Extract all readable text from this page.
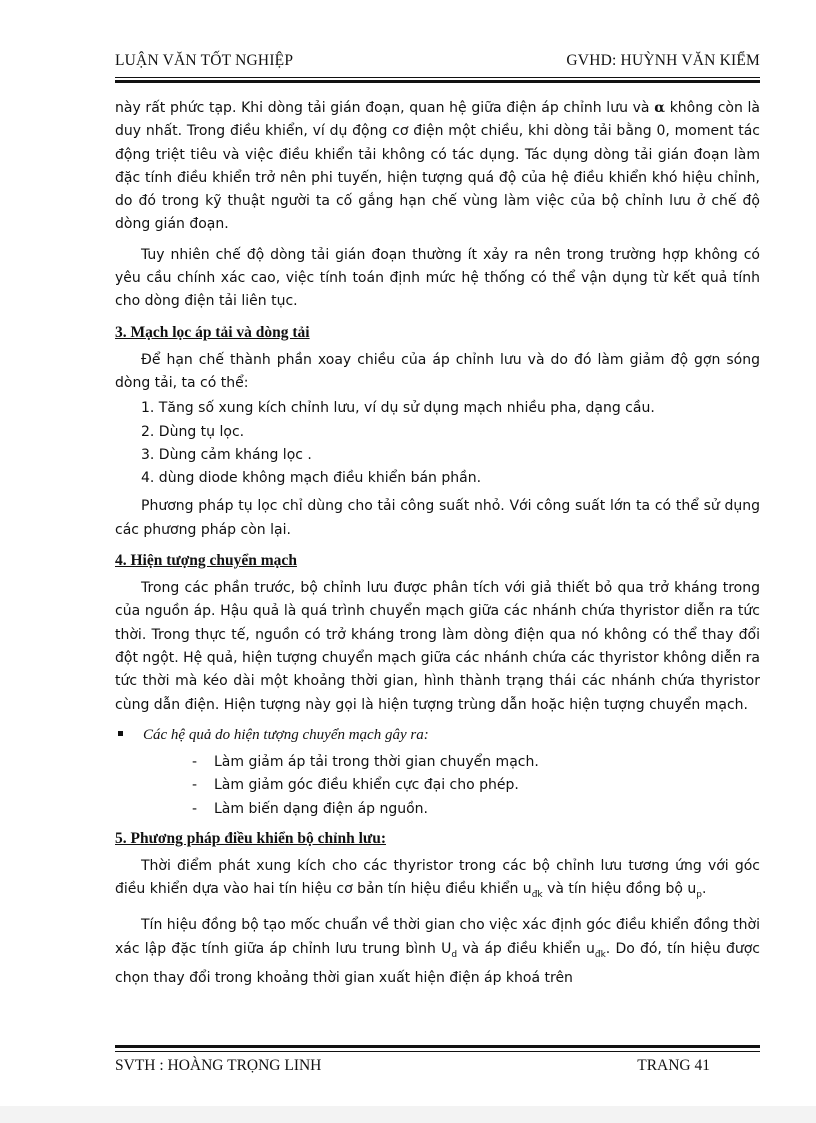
LUẬN VĂN TỐT NGHIỆP	GVHD: HUỲNH VĂN KIỂM

này rất phức tạp. Khi dòng tải gián đoạn, quan hệ giữa điện áp chỉnh lưu và α không còn là duy nhất. Trong điều khiển, ví dụ động cơ điện một chiều, khi dòng tải bằng 0, moment tác động triệt tiêu và việc điều khiển tải không có tác dụng. Tác dụng dòng tải gián đoạn làm đặc tính điều khiển trở nên phi tuyến, hiện tượng quá độ của hệ điều khiển khó hiệu chỉnh, do đó trong kỹ thuật người ta cố gắng hạn chế vùng làm việc của bộ chỉnh lưu ở chế độ dòng gián đoạn.

Tuy nhiên chế độ dòng tải gián đoạn thường ít xảy ra nên trong trường hợp không có yêu cầu chính xác cao, việc tính toán định mức hệ thống có thể vận dụng từ kết quả tính cho dòng điện tải liên tục.

3. Mạch lọc áp tải và dòng tải

Để hạn chế thành phần xoay chiều của áp chỉnh lưu và do đó làm giảm độ gợn sóng dòng tải, ta có thể:

1. Tăng số xung kích chỉnh lưu, ví dụ sử dụng mạch nhiều pha, dạng cầu.
2. Dùng tụ lọc.
3. Dùng cảm kháng lọc .
4. dùng diode không mạch điều khiển bán phần.

Phương pháp tụ lọc chỉ dùng cho tải công suất nhỏ. Với công suất lớn ta có thể sử dụng các phương pháp còn lại.

4. Hiện tượng chuyển mạch

Trong các phần trước, bộ chỉnh lưu được phân tích với giả thiết bỏ qua trở kháng trong của nguồn áp. Hậu quả là quá trình chuyển mạch giữa các nhánh chứa thyristor diễn ra tức thời. Trong thực tế, nguồn có trở kháng trong làm dòng điện qua nó không có thể thay đổi đột ngột. Hệ quả, hiện tượng chuyển mạch giữa các nhánh chứa các thyristor không diễn ra tức thời mà kéo dài một khoảng thời gian, hình thành trạng thái các nhánh chứa thyristor cùng dẫn điện. Hiện tượng này gọi là hiện tượng trùng dẫn hoặc hiện tượng chuyển mạch.

Các hệ quả do hiện tượng chuyển mạch gây ra:
-	Làm giảm áp tải trong thời gian chuyển mạch.
-	Làm giảm góc điều khiển cực đại cho phép.
-	Làm biến dạng điện áp nguồn.
5. Phương pháp điều khiển bộ chỉnh lưu:

Thời điểm phát xung kích cho các thyristor trong các bộ chỉnh lưu tương ứng với góc điều khiển dựa vào hai tín hiệu cơ bản tín hiệu điều khiển $u_{đk}$ và tín hiệu đồng bộ $u_p$.

Tín hiệu đồng bộ tạo mốc chuẩn về thời gian cho việc xác định góc điều khiển đồng thời xác lập đặc tính giữa áp chỉnh lưu trung bình $U_d$ và áp điều khiển $u_{đk}$. Do đó, tín hiệu được chọn thay đổi trong khoảng thời gian xuất hiện điện áp khoá trên

SVTH : HOÀNG TRỌNG LINH	TRANG 41
